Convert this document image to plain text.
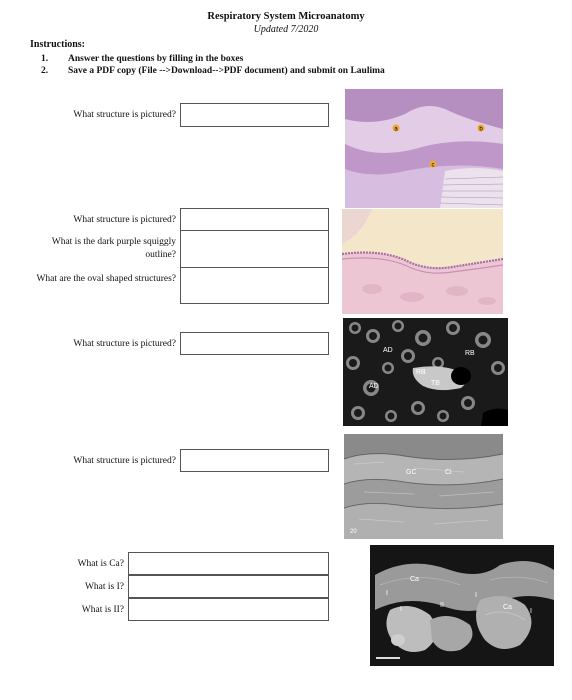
Respiratory System Microanatomy
Updated 7/2020
Instructions:
1. Answer the questions by filling in the boxes
2. Save a PDF copy (File -->Download-->PDF document) and submit on Laulima
What structure is pictured?
a	b
c
What structure is pictured?
What is the dark purple squiggly outline?
What are the oval shaped structures?
What structure is pictured?
AD	RB
RB
TB
AD
What structure is pictured?
GC	Ci
20
What is Ca?
What is I?
What is II?
Ca
I	I
II	Ca
I	I
